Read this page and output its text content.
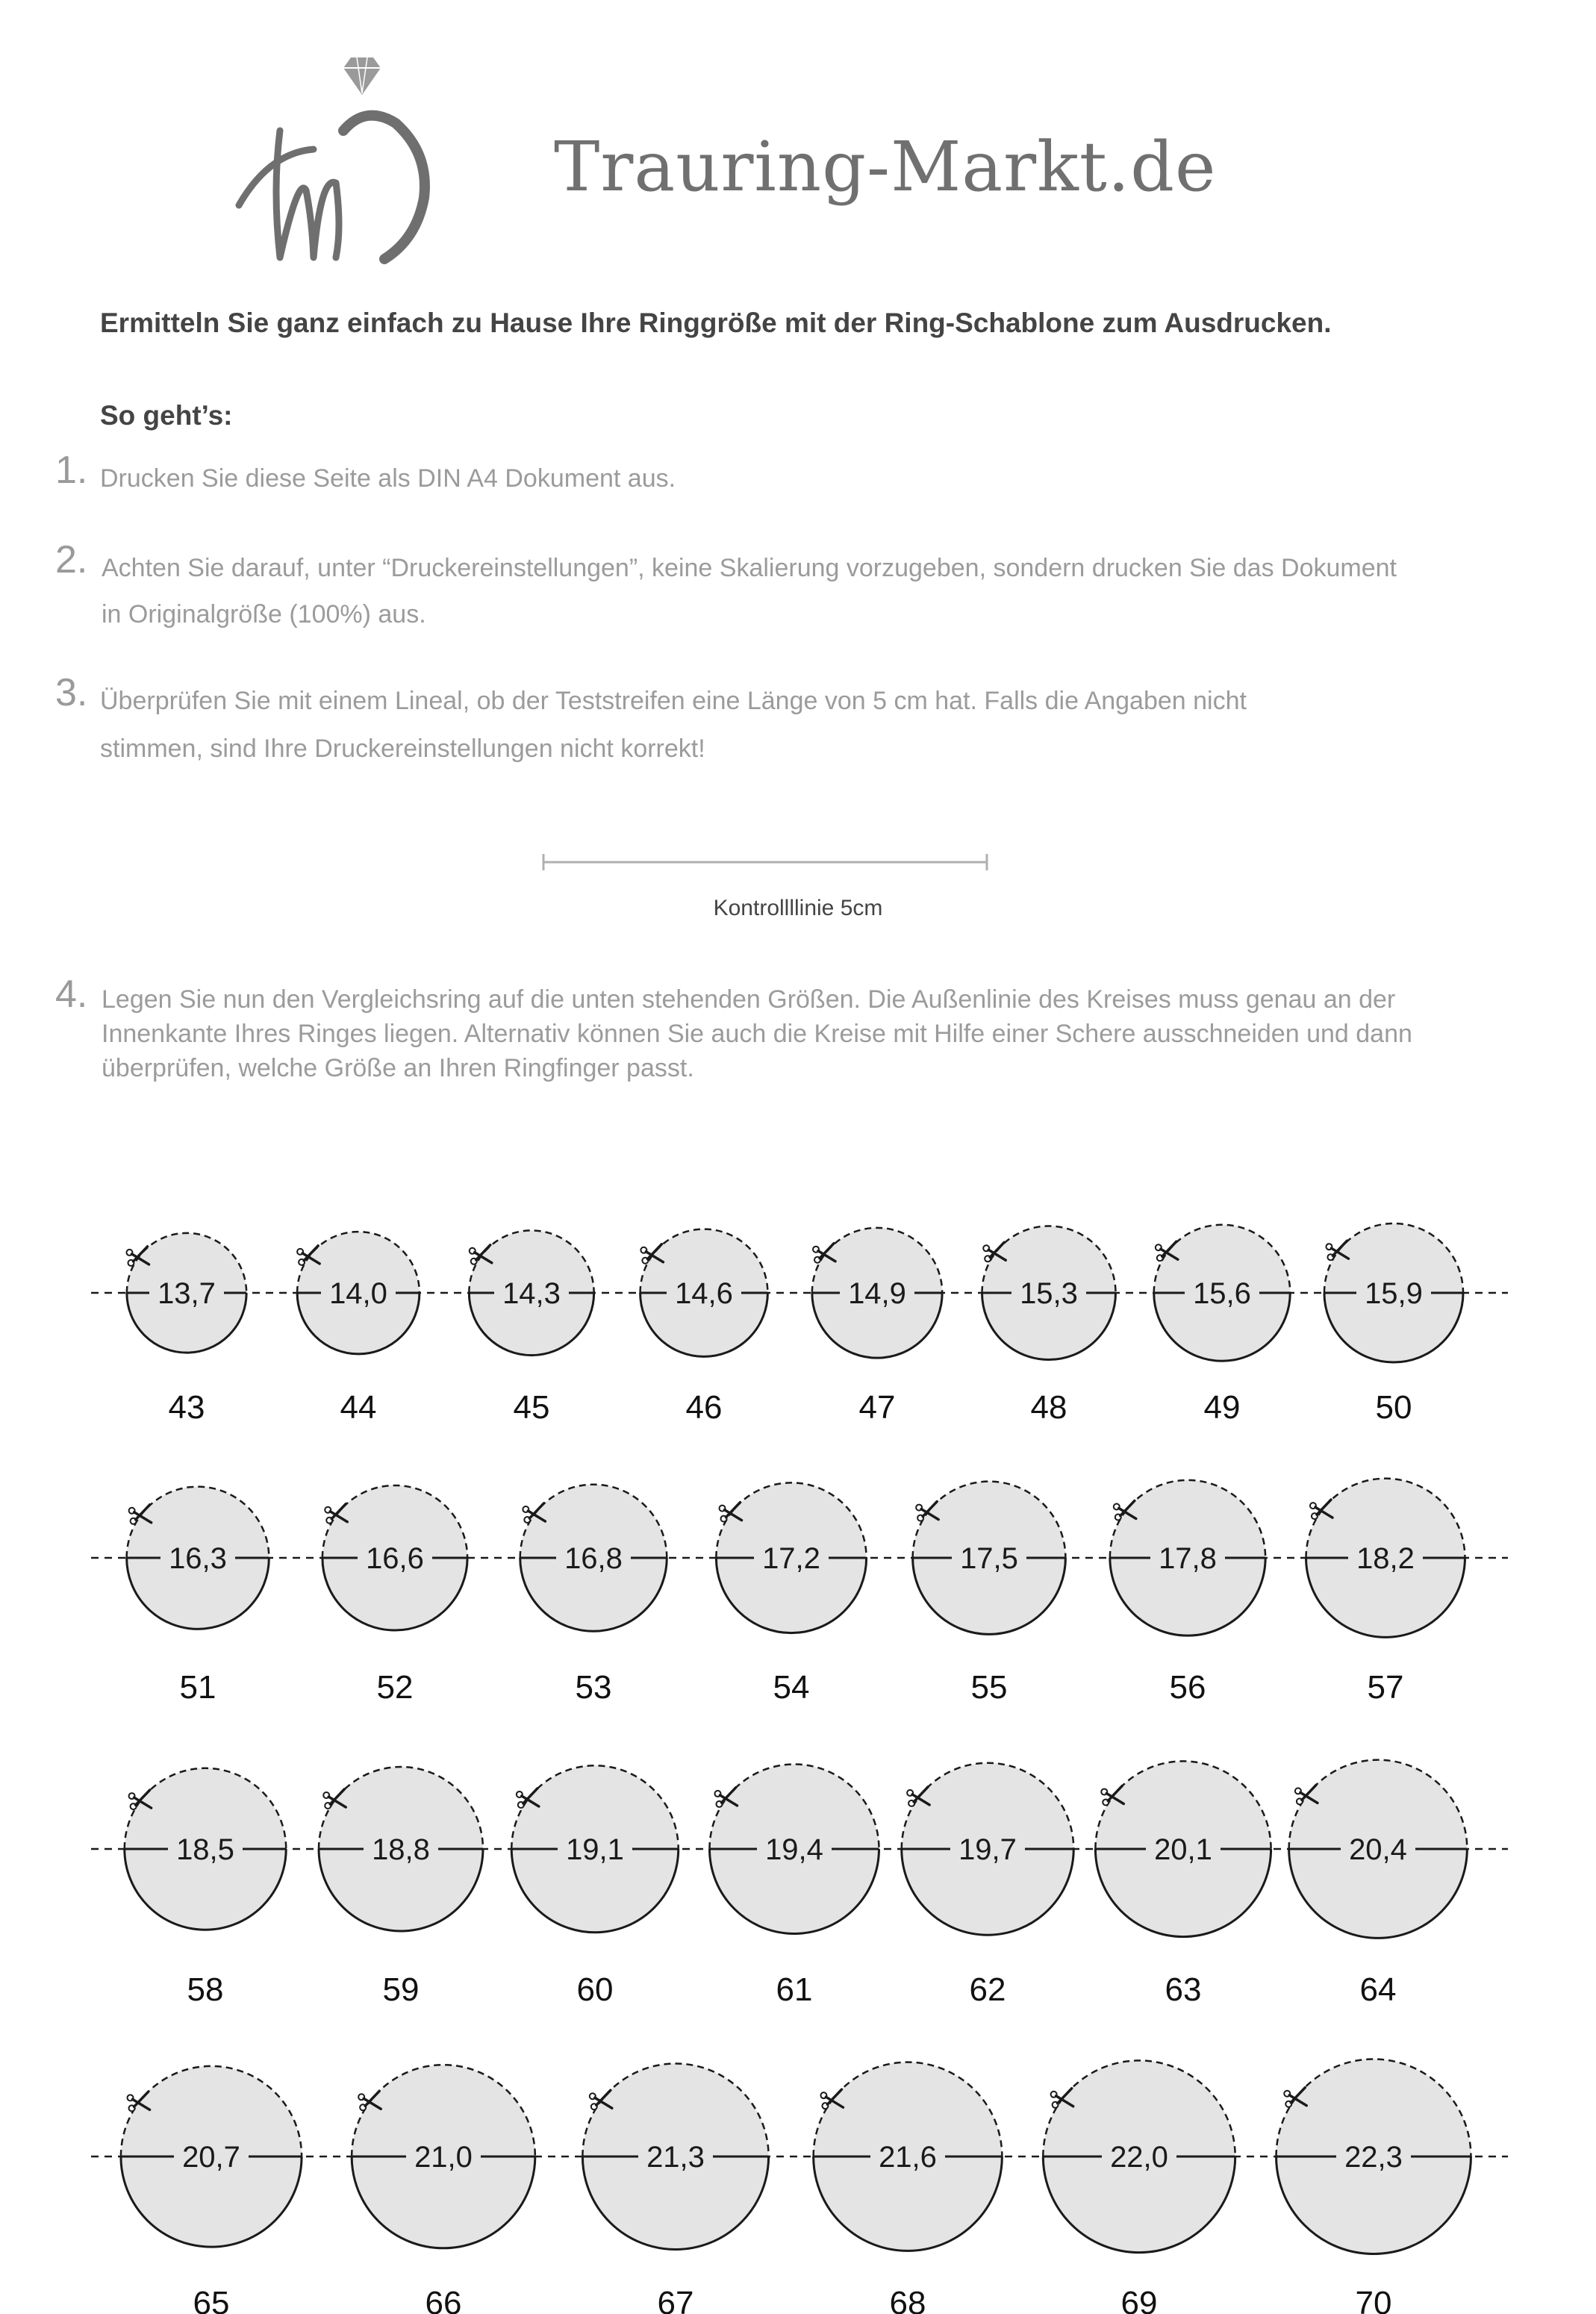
Trauring-Markt.de
Ermitteln Sie ganz einfach zu Hause Ihre Ringgröße mit der Ring-Schablone zum Ausdrucken.
So geht’s:
1. Drucken Sie diese Seite als DIN A4 Dokument aus.
2. Achten Sie darauf, unter “Druckereinstellungen”, keine Skalierung vorzugeben, sondern drucken Sie das Dokument
in Originalgröße (100%) aus.
3. Überprüfen Sie mit einem Lineal, ob der Teststreifen eine Länge von 5 cm hat. Falls die Angaben nicht
stimmen, sind Ihre Druckereinstellungen nicht korrekt!
Kontrollllinie 5cm
4. Legen Sie nun den Vergleichsring auf die unten stehenden Größen. Die Außenlinie des Kreises muss genau an der
Innenkante Ihres Ringes liegen. Alternativ können Sie auch die Kreise mit Hilfe einer Schere ausschneiden und dann
überprüfen, welche Größe an Ihren Ringfinger passt.
13,7
43
14,0
44
14,3
45
14,6
46
14,9
47
15,3
48
15,6
49
15,9
50
16,3
51
16,6
52
16,8
53
17,2
54
17,5
55
17,8
56
18,2
57
18,5
58
18,8
59
19,1
60
19,4
61
19,7
62
20,1
63
20,4
64
20,7
65
21,0
66
21,3
67
21,6
68
22,0
69
22,3
70
